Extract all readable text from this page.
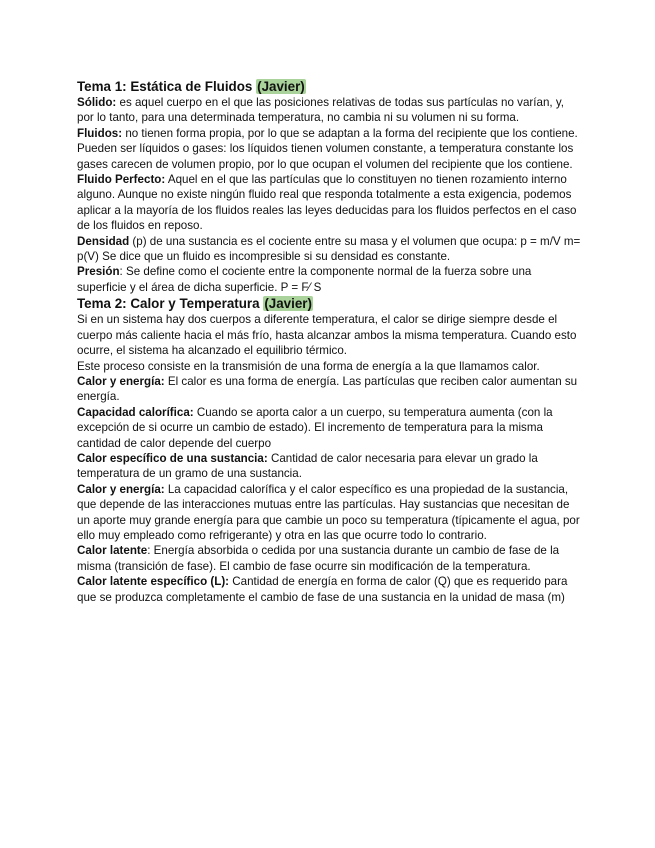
Tema 1: Estática de Fluidos (Javier)

Sólido: es aquel cuerpo en el que las posiciones relativas de todas sus partículas no varían, y, por lo tanto, para una determinada temperatura, no cambia ni su volumen ni su forma.

Fluidos: no tienen forma propia, por lo que se adaptan a la forma del recipiente que los contiene. Pueden ser líquidos o gases: los líquidos tienen volumen constante, a temperatura constante los gases carecen de volumen propio, por lo que ocupan el volumen del recipiente que los contiene.

Fluido Perfecto: Aquel en el que las partículas que lo constituyen no tienen rozamiento interno alguno. Aunque no existe ningún fluido real que responda totalmente a esta exigencia, podemos aplicar a la mayoría de los fluidos reales las leyes deducidas para los fluidos perfectos en el caso de los fluidos en reposo.

Densidad (p) de una sustancia es el cociente entre su masa y el volumen que ocupa: p = m/V m= p(V) Se dice que un fluido es incompresible si su densidad es constante.

Presión: Se define como el cociente entre la componente normal de la fuerza sobre una superficie y el área de dicha superficie. P = F⁄ S

Tema 2: Calor y Temperatura (Javier)

Si en un sistema hay dos cuerpos a diferente temperatura, el calor se dirige siempre desde el cuerpo más caliente hacia el más frío, hasta alcanzar ambos la misma temperatura. Cuando esto ocurre, el sistema ha alcanzado el equilibrio térmico.

Este proceso consiste en la transmisión de una forma de energía a la que llamamos calor.

Calor y energía: El calor es una forma de energía. Las partículas que reciben calor aumentan su energía.

Capacidad calorífica: Cuando se aporta calor a un cuerpo, su temperatura aumenta (con la excepción de si ocurre un cambio de estado). El incremento de temperatura para la misma cantidad de calor depende del cuerpo

Calor específico de una sustancia: Cantidad de calor necesaria para elevar un grado la temperatura de un gramo de una sustancia.

Calor y energía: La capacidad calorífica y el calor específico es una propiedad de la sustancia, que depende de las interacciones mutuas entre las partículas. Hay sustancias que necesitan de un aporte muy grande energía para que cambie un poco su temperatura (típicamente el agua, por ello muy empleado como refrigerante) y otra en las que ocurre todo lo contrario.

Calor latente: Energía absorbida o cedida por una sustancia durante un cambio de fase de la misma (transición de fase). El cambio de fase ocurre sin modificación de la temperatura.

Calor latente específico (L): Cantidad de energía en forma de calor (Q) que es requerido para que se produzca completamente el cambio de fase de una sustancia en la unidad de masa (m)
